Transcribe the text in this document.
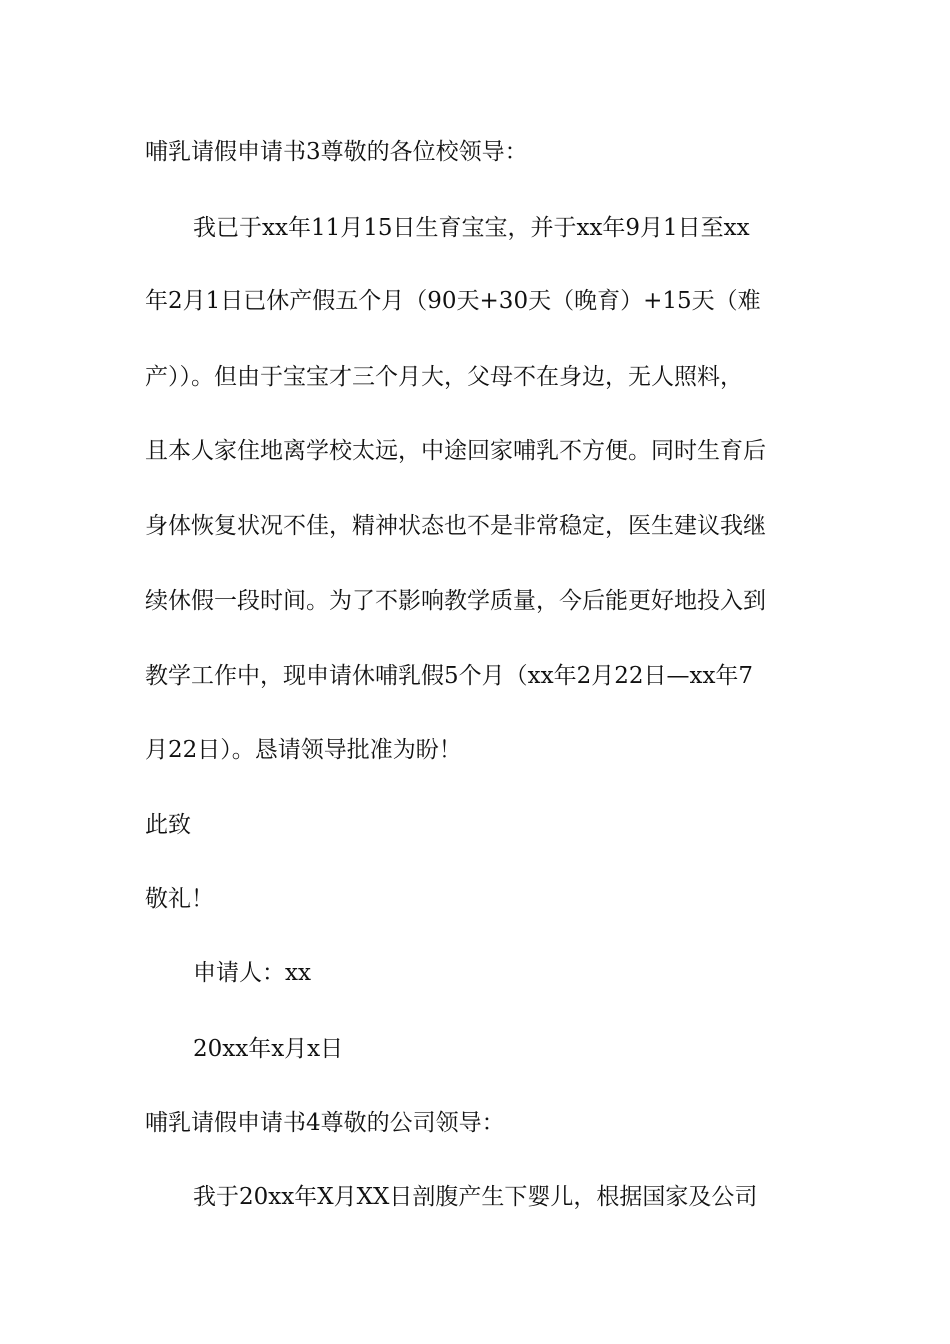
哺乳请假申请书3尊敬的各位校领导：
我已于xx年11月15日生育宝宝，并于xx年9月1日至xx
年2月1日已休产假五个月（90天+30天（晚育）+15天（难
产））。但由于宝宝才三个月大，父母不在身边，无人照料，
且本人家住地离学校太远，中途回家哺乳不方便。同时生育后
身体恢复状况不佳，精神状态也不是非常稳定，医生建议我继
续休假一段时间。为了不影响教学质量，今后能更好地投入到
教学工作中，现申请休哺乳假5个月（xx年2月22日—xx年7
月22日）。恳请领导批准为盼！
此致
敬礼！
申请人：xx
20xx年x月x日
哺乳请假申请书4尊敬的公司领导：
我于20xx年X月XX日剖腹产生下婴儿，根据国家及公司
